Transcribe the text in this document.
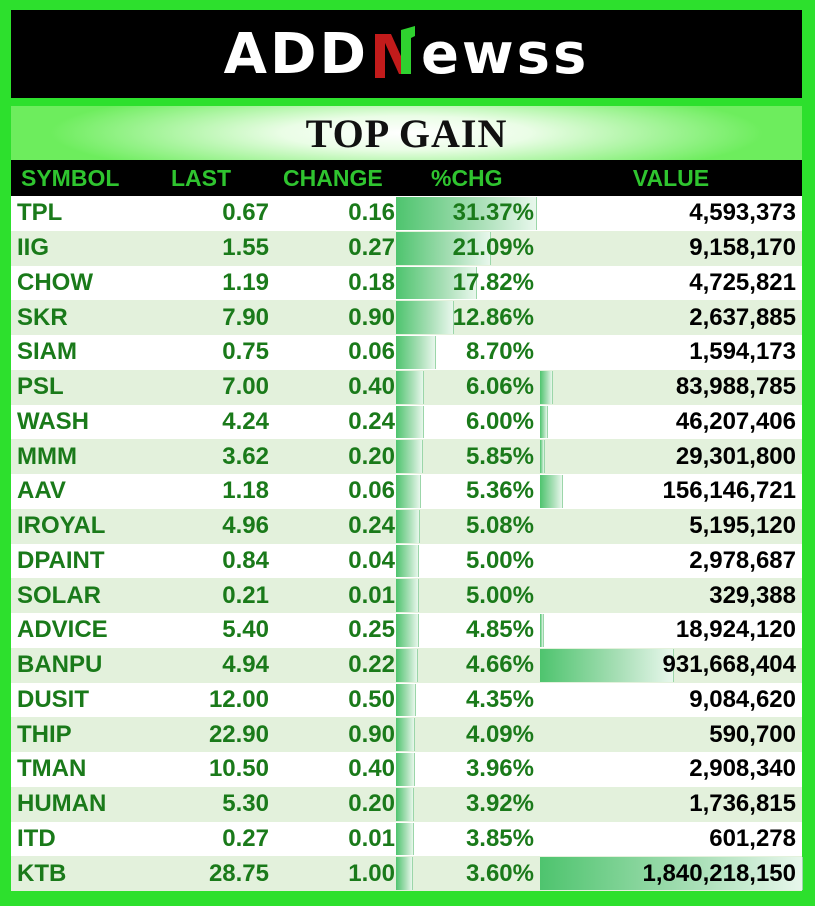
ADD ewss
TOP GAIN
SYMBOL	LAST	CHANGE	%CHG	VALUE
TPL	0.67	0.16 31.37%	4,593,373
IIG	1.55	0.27 21.09%	9,158,170
CHOW	1.19	0.18 17.82%	4,725,821
SKR	7.90	0.90 12.86%	2,637,885
SIAM	0.75	0.06	8.70%	1,594,173
PSL	7.00	0.40	6.06%	83,988,785
WASH	4.24	0.24	6.00%	46,207,406
MMM	3.62	0.20	5.85%	29,301,800
AAV	1.18	0.06	5.36%	156,146,721
IROYAL	4.96	0.24	5.08%	5,195,120
DPAINT	0.84	0.04	5.00%	2,978,687
SOLAR	0.21	0.01	5.00%	329,388
ADVICE	5.40	0.25	4.85%	18,924,120
BANPU	4.94	0.22	4.66%	931,668,404
DUSIT	12.00	0.50	4.35%	9,084,620
THIP	22.90	0.90	4.09%	590,700
TMAN	10.50	0.40	3.96%	2,908,340
HUMAN	5.30	0.20	3.92%	1,736,815
ITD	0.27	0.01	3.85%	601,278
KTB	28.75	1.00	3.60%	1,840,218,150
